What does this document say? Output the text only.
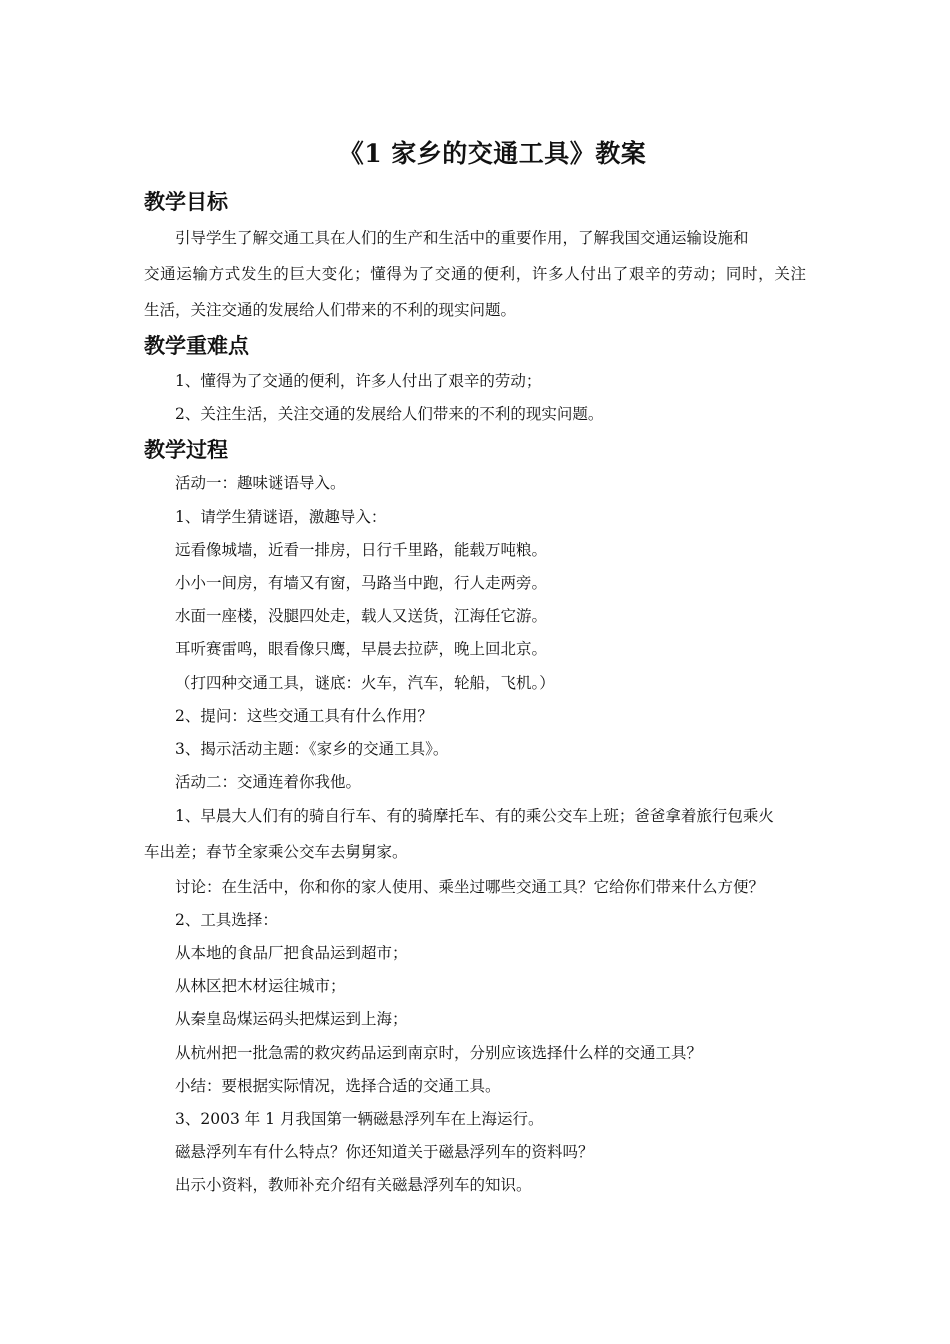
《1 家乡的交通工具》教案
教学目标
引导学生了解交通工具在人们的生产和生活中的重要作用，了解我国交通运输设施和
交通运输方式发生的巨大变化；懂得为了交通的便利，许多人付出了艰辛的劳动；同时，关注
生活，关注交通的发展给人们带来的不利的现实问题。
教学重难点
1、懂得为了交通的便利，许多人付出了艰辛的劳动；
2、关注生活，关注交通的发展给人们带来的不利的现实问题。
教学过程
活动一：趣味谜语导入。
1、请学生猜谜语，激趣导入：
远看像城墙，近看一排房，日行千里路，能载万吨粮。
小小一间房，有墙又有窗，马路当中跑，行人走两旁。
水面一座楼，没腿四处走，载人又送货，江海任它游。
耳听赛雷鸣，眼看像只鹰，早晨去拉萨，晚上回北京。
（打四种交通工具，谜底：火车，汽车，轮船，飞机。）
2、提问：这些交通工具有什么作用？
3、揭示活动主题：《家乡的交通工具》。
活动二：交通连着你我他。
1、早晨大人们有的骑自行车、有的骑摩托车、有的乘公交车上班；爸爸拿着旅行包乘火
车出差；春节全家乘公交车去舅舅家。
讨论：在生活中，你和你的家人使用、乘坐过哪些交通工具？它给你们带来什么方便？
2、工具选择：
从本地的食品厂把食品运到超市；
从林区把木材运往城市；
从秦皇岛煤运码头把煤运到上海；
从杭州把一批急需的救灾药品运到南京时，分别应该选择什么样的交通工具？
小结：要根据实际情况，选择合适的交通工具。
3、2003 年 1 月我国第一辆磁悬浮列车在上海运行。
磁悬浮列车有什么特点？你还知道关于磁悬浮列车的资料吗？
出示小资料，教师补充介绍有关磁悬浮列车的知识。
